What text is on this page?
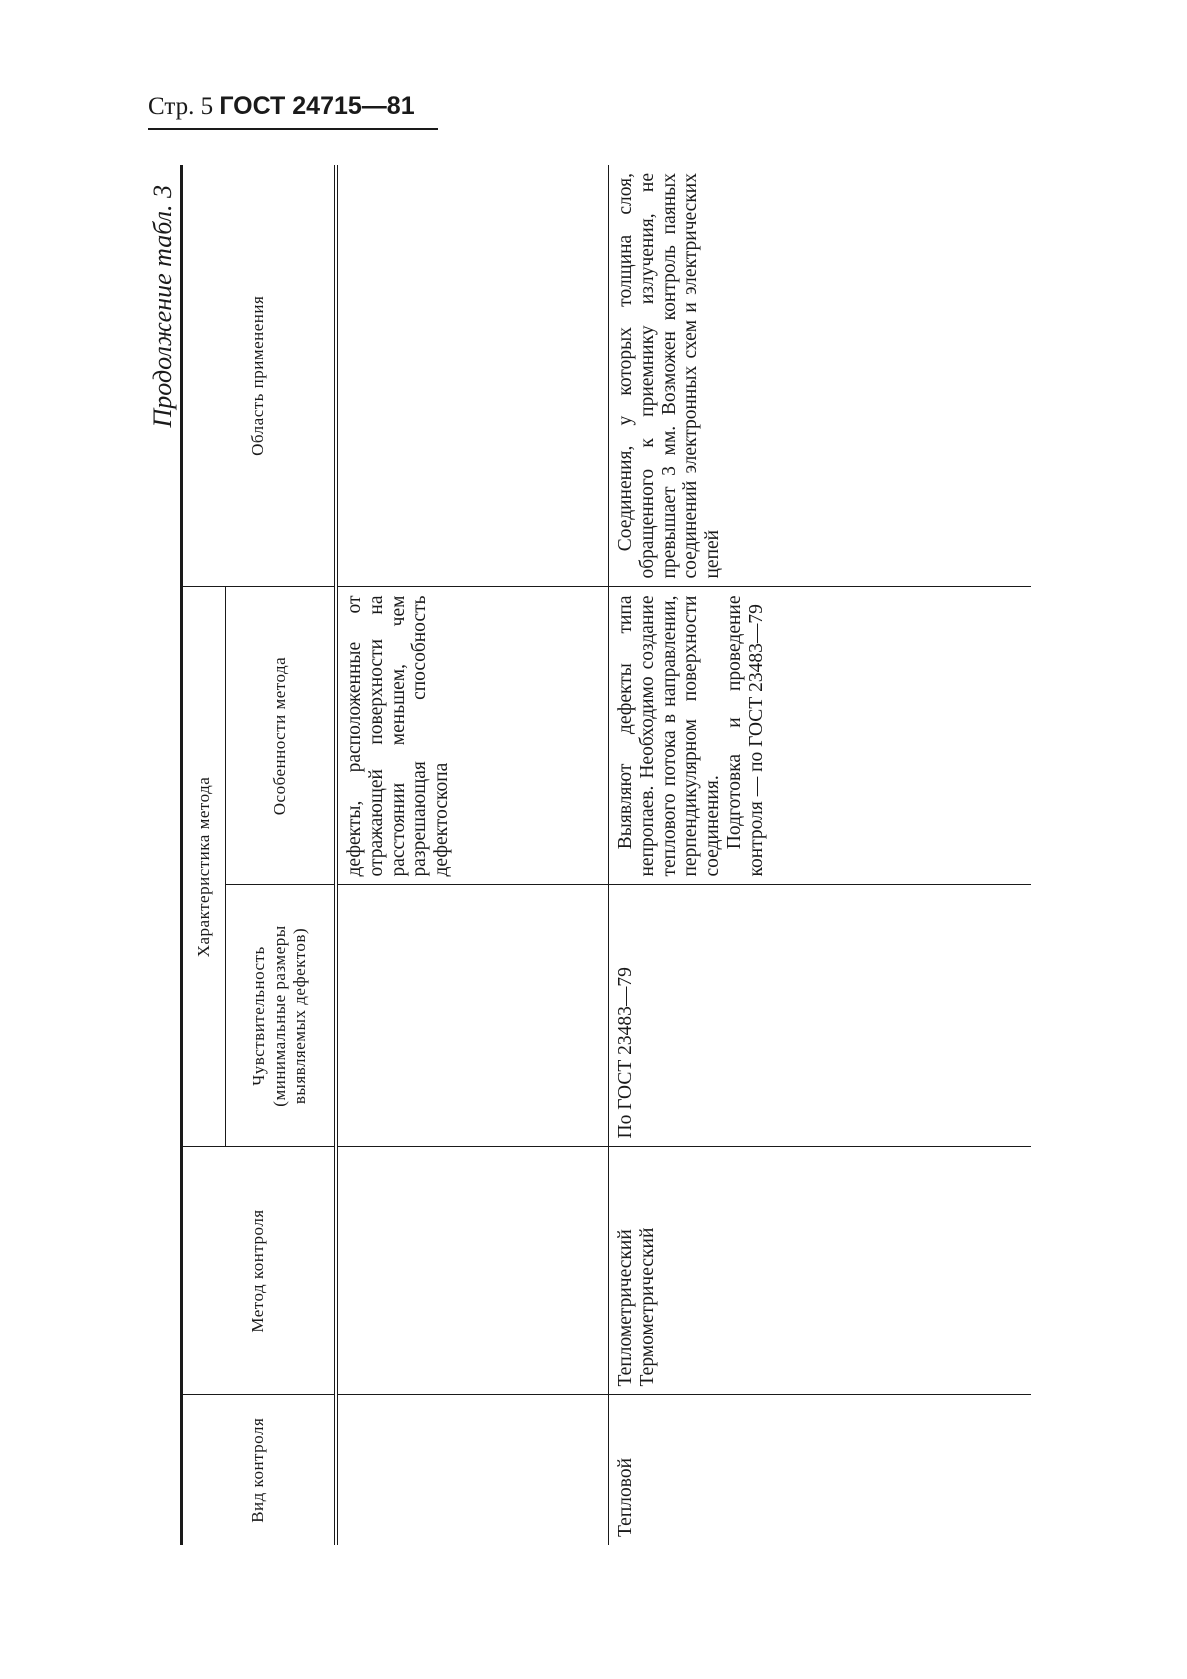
Стр. 5 ГОСТ 24715—81
Продолжение табл. 3
Вид контроля	Метод контроля	Характеристика метода		Область применения
		Чувствительность (минимальные размеры выявляемых дефектов)	Особенности метода	
			дефекты, расположенные от отражающей поверхности на расстоянии меньшем, чем разрешающая способность дефектоскопа	
Тепловой	Теплометрический Термометрический	По ГОСТ 23483—79	Выявляют дефекты типа непропаев. Необходимо создание теплового потока в направлении, перпендикулярном поверхности соединения. Подготовка и проведение контроля — по ГОСТ 23483—79	Соединения, у которых толщина слоя, обращенного к приемнику излучения, не превышает 3 мм. Возможен контроль паяных соединений электронных схем и электрических цепей
